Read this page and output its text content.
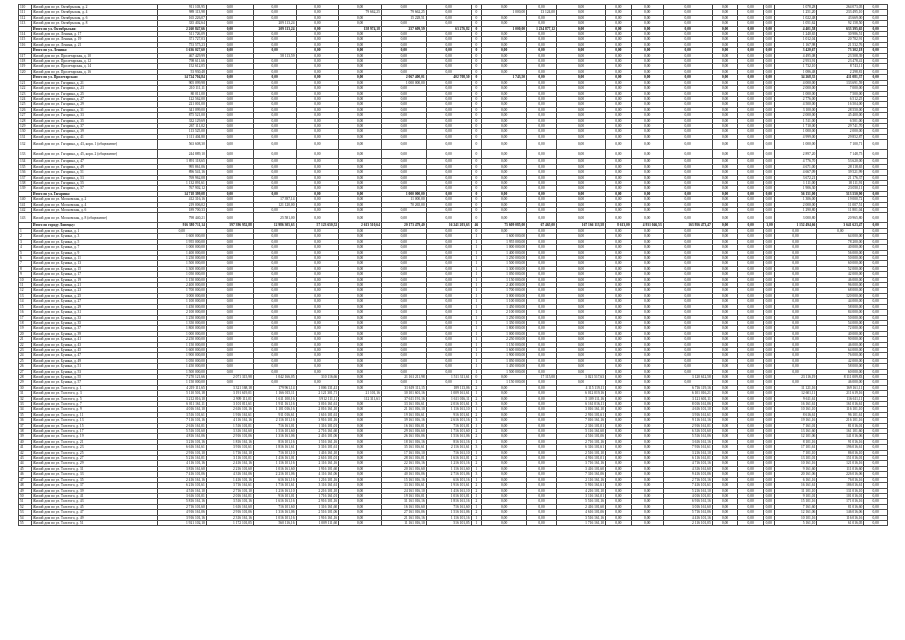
110	Жилой дом по ул. Октябрьская, д. 2	911 103,95	0,00	0,00	0,00	0,00	0,00	0,00	0	0,00	0,00	0,00	0,00	0,00	0,00	0,00	0,00	0,00	1 078,28	264 073,05	0,00
111	Жилой дом по ул. Октябрьская, д. 4	989 113,98	0,00	0,00	0,00	79 662,25	79 662,25	0,00	0	1 000,00	13 124,00	0,00	0,00	0,00	0,00	0,00	0,00	0,00	1 251,20	233 495,10	0,00
112	Жилой дом по ул. Октябрьская, д. 6	165 226,07	0,00	0,00	0,00	0,00	15 228,51	0,00	0	0,00	0,00	0,00	0,00	0,00	0,00	0,00	0,00	0,00	1 022,48	43 669,00	0,00
113	Жилой дом по ул. Октябрьская, д. 8	335 402,64	0,00	209 113,24	0,00	0,00	0,00	0,00	0	0,00	0,00	0,00	0,00	0,00	0,00	0,00	0,00	0,00	1 051,62	92 158,50	0,00
	Итого по ул. Октябрьская:	2 260 847,66	0,00	209 113,24	0,00	158 974,18	257 609,59	63 276,82	0	1 000,00	1 234 877,12	0,00	0,00	0,00	0,00	0,00	0,00	0,00	4 401,58	633 395,65	0,00
114	Жилой дом по ул. Ленина, д. 17	511 726,09	0,00	0,00	0,00	0,00	0,00	0,00	0	0,00	0,00	0,00	0,00	0,00	0,00	0,00	0,00	0,00	1 240,65	30 986,51	0,00
115	Жилой дом по ул. Ленина, д. 19	371 727,03	0,00	0,00	0,00	0,00	0,00	0,00	0	0,00	0,00	0,00	0,00	0,00	0,00	0,00	0,00	0,00	1 012,04	20 782,91	0,00
116	Жилой дом по ул. Ленина, д. 21	753 575,23	0,00	0,00	0,00	0,00	0,00	0,00	0	0,00	0,00	0,00	0,00	0,00	0,00	0,00	0,00	0,00	1 167,98	21 532,76	0,00
	Итого по ул. Ленина:	1 636 027,60	0,00	0,00	0,00	0,00	0,00	0,00	0	0,00	0,00	0,00	0,00	0,00	0,00	0,00	0,00	0,00	3 420,67	73 302,18	0,00
117	Жилой дом по ул. Пролетарская, д. 10	467 429,99	0,00	58 113,59	0,00	0,00	0,00	0,00	0	0,00	0,00	0,00	0,00	0,00	0,00	0,00	0,00	0,00	4 495,08	23 508,39	0,00
118	Жилой дом по ул. Пролетарская, д. 12	798 611,66	0,00	0,00	0,00	0,00	0,00	0,00	0	0,00	0,00	0,00	0,00	0,00	0,00	0,00	0,00	0,00	2 953,91	23 478,41	0,00
119	Жилой дом по ул. Пролетарская, д. 14	152 612,05	0,00	0,00	0,00	0,00	0,00	0,00	0	0,00	0,00	0,00	0,00	0,00	0,00	0,00	0,00	0,00	1 732,10	8 743,11	0,00
120	Жилой дом по ул. Пролетарская, д. 16	53 930,48	0,00	0,00	0,00	0,00	0,00	0,00	0	0,00	0,00	0,00	0,00	0,00	0,00	0,00	0,00	0,00	1 086,48	2 298,81	0,00
	Итого по ул. Пролетарская:	14 724 704,84	0,00	0,00	0,00	0,00	2 067 400,01	402 708,50	0	1 743,50	0,00	0,00	0,00	0,00	0,00	0,00	0,00	0,00	34 268,35	411 081,37	0,00
121	Жилой дом по ул. Гагарина, д. 21	905 099,98	0,00	0,00	0,00	0,00	1 000 000,00	0,00	0	0,00	0,00	0,00	0,00	0,00	0,00	0,00	0,00	0,00	4 000,00	133 691,59	0,00
122	Жилой дом по ул. Гагарина, д. 23	210 111,11	0,00	0,00	0,00	0,00	0,00	0,00	0	0,00	0,00	0,00	0,00	0,00	0,00	0,00	0,00	0,00	2 000,00	7 000,00	0,00
123	Жилой дом по ул. Гагарина, д. 25	80 011,00	0,00	0,00	0,00	0,00	0,00	0,00	0	0,00	0,00	0,00	0,00	0,00	0,00	0,00	0,00	0,00	1 000,00	7 500,00	0,00
124	Жилой дом по ул. Гагарина, д. 27	122 562,00	0,00	0,00	0,00	0,00	0,00	0,00	0	0,00	0,00	0,00	0,00	0,00	0,00	0,00	0,00	0,00	2 776,00	6 512,25	0,00
125	Жилой дом по ул. Гагарина, д. 29	221 001,00	0,00	0,00	0,00	0,00	0,00	0,00	0	0,00	0,00	0,00	0,00	0,00	0,00	0,00	0,00	0,00	4 500,00	16 504,00	0,00
126	Жилой дом по ул. Гагарина, д. 31	341 099,00	0,00	0,00	0,00	0,00	0,00	0,00	0	0,00	0,00	0,00	0,00	0,00	0,00	0,00	0,00	0,00	3 100,00	28 550,00	0,00
127	Жилой дом по ул. Гагарина, д. 33	875 521,00	0,00	0,00	0,00	0,00	0,00	0,00	0	0,00	0,00	0,00	0,00	0,00	0,00	0,00	0,00	0,00	2 000,00	45 400,00	0,00
128	Жилой дом по ул. Гагарина, д. 35	332 129,69	0,00	0,00	0,00	0,00	0,00	0,00	0	0,00	0,00	0,00	0,00	0,00	0,00	0,00	0,00	0,00	1 511,00	6 501,00	0,00
129	Жилой дом по ул. Гагарина, д. 37	267 111,02	0,00	0,00	0,00	0,00	0,00	0,00	0	0,00	0,00	0,00	0,00	0,00	0,00	0,00	0,00	0,00	1 710,00	29 741,70	0,00
130	Жилой дом по ул. Гагарина, д. 39	113 525,00	0,00	0,00	0,00	0,00	0,00	0,00	0	0,00	0,00	0,00	0,00	0,00	0,00	0,00	0,00	0,00	1 000,00	2 000,00	0,00
131	Жилой дом по ул. Гагарина, д. 41	1 111 404,80	0,00	0,00	0,00	0,00	0,00	0,00	0	0,00	0,00	0,00	0,00	0,00	0,00	0,00	0,00	0,00	4 999,00	29 852,87	0,00
132	Жилой дом по ул. Гагарина, д. 43, корп. 1 (общежитие)	563 608,30	0,00	0,00	0,00	0,00	0,00	0,00	0	0,00	0,00	0,00	0,00	0,00	0,00	0,00	0,00	0,00	1 000,00	7 100,71	0,00
133	Жилой дом по ул. Гагарина, д. 45, корп. 2 (общежитие)	244 889,10	0,00	0,00	0,00	0,00	0,00	0,00	0	0,00	0,00	0,00	0,00	0,00	0,00	0,00	0,00	0,00	2 897,20	7 148,75	0,00
134	Жилой дом по ул. Гагарина, д. 47	1 891 118,65	0,00	0,00	0,00	0,00	0,00	0,00	0	0,00	0,00	0,00	0,00	0,00	0,00	0,00	0,00	0,00	4 776,70	53 620,00	0,00
135	Жилой дом по ул. Гагарина, д. 49	995 861,06	0,00	0,00	0,00	0,00	0,00	0,00	0	0,00	0,00	0,00	0,00	0,00	0,00	0,00	0,00	0,00	4 671,00	28 118,65	0,00
136	Жилой дом по ул. Гагарина, д. 51	896 541,16	0,00	0,00	0,00	0,00	0,00	0,00	0	0,00	0,00	0,00	0,00	0,00	0,00	0,00	0,00	0,00	4 667,09	39 521,99	0,00
137	Жилой дом по ул. Гагарина, д. 53	769 962,08	0,00	0,00	0,00	0,00	0,00	0,00	0	0,00	0,00	0,00	0,00	0,00	0,00	0,00	0,00	0,00	3 672,21	21 176,37	0,00
138	Жилой дом по ул. Гагарина, д. 55	1 132 091,61	0,00	0,00	0,00	0,00	0,00	0,00	0	0,00	0,00	0,00	0,00	0,00	0,00	0,00	0,00	0,00	1 111,00	18 111,91	0,00
139	Жилой дом по ул. Гагарина, д. 57	767 902,12	0,00	0,00	0,00	0,00	0,00	0,00	0	0,00	0,00	0,00	0,00	0,00	0,00	0,00	0,00	0,00	1 906,30	23 050,11	0,00
	Итого по ул. Гагарина:	14 718 399,08	0,00	0,00	0,00	0,00	1 000 000,00	0,00	0	0,00	0,00	0,00	0,00	0,00	0,00	0,00	0,00	0,00	56 151,00	513 550,90	0,00
140	Жилой дом по ул. Московская, д. 2	412 316,16	0,00	17 397,14	0,00	0,00	11 000,00	0,00	0	0,00	0,00	0,00	0,00	0,00	0,00	0,00	0,00	0,00	1 306,00	19 000,72	0,00
141	Жилой дом по ул. Московская, д. 4	219 006,02	0,00	121 120,00	0,00	0,00	70 265,00	0,00	0	0,00	0,00	0,00	0,00	0,00	0,00	0,00	0,00	0,00	2 000,00	11 007,51	0,00
142	Жилой дом по ул. Московская, д. 6	189 700,33	0,00	0,00	0,00	0,00	0,00	0,00	0	0,00	0,00	0,00	0,00	0,00	0,00	0,00	0,00	0,00	1 290,80	11 801,04	0,00
143	Жилой дом по ул. Московская, д. 8 (общежитие)	798 440,21	0,00	25 581,00	0,00	0,00	0,00	0,00	0	0,00	0,00	0,00	0,00	0,00	0,00	0,00	0,00	0,00	3 000,80	20 965,80	0,00
	Итого по городу Липецку:	916 380 711,14	597 396 952,88	12 986 305,63	57 123 650,52	2 613 510,64	20 173 479,40	16 241 203,63	46	75 609 085,00	67 465,00	167 166 113,58	8 613,00	4 931 046,53	163 956 473,47	0,00	0,00	3,00	1 152 494,66	3 641 623,47	0,00
1	Жилой дом по ул. Бунина, д. 1	0,00	0,00	0,00	0,00	0,00	0,00	0,00	0	0,00	0,00	0,00	0,00	0,00	0,00	0,00	0,00	0,00	0,00	0,00	0,00
2	Жилой дом по ул. Бунина, д. 3	1 600 000,00	0,00	0,00	0,00	0,00	0,00	0,00	1	1 600 000,00	0,00	0,00	0,00	0,00	0,00	0,00	0,00	0,00	0,00	64 000,00	0,00
3	Жилой дом по ул. Бунина, д. 5	1 955 000,00	0,00	0,00	0,00	0,00	0,00	0,00	1	1 955 000,00	0,00	0,00	0,00	0,00	0,00	0,00	0,00	0,00	0,00	78 200,00	0,00
4	Жилой дом по ул. Бунина, д. 7	1 000 000,00	0,00	0,00	0,00	0,00	0,00	0,00	1	1 000 000,00	0,00	0,00	0,00	0,00	0,00	0,00	0,00	0,00	0,00	40 000,00	0,00
5	Жилой дом по ул. Бунина, д. 9	1 400 000,00	0,00	0,00	0,00	0,00	0,00	0,00	1	1 400 000,00	0,00	0,00	0,00	0,00	0,00	0,00	0,00	0,00	0,00	56 000,00	0,00
6	Жилой дом по ул. Бунина, д. 11	1 250 000,00	0,00	0,00	0,00	0,00	0,00	0,00	1	1 250 000,00	0,00	0,00	0,00	0,00	0,00	0,00	0,00	0,00	0,00	50 000,00	0,00
7	Жилой дом по ул. Бунина, д. 13	1 500 000,00	0,00	0,00	0,00	0,00	0,00	0,00	1	1 500 000,00	0,00	0,00	0,00	0,00	0,00	0,00	0,00	0,00	0,00	60 000,00	0,00
8	Жилой дом по ул. Бунина, д. 15	1 300 000,00	0,00	0,00	0,00	0,00	0,00	0,00	1	1 300 000,00	0,00	0,00	0,00	0,00	0,00	0,00	0,00	0,00	0,00	52 000,00	0,00
9	Жилой дом по ул. Бунина, д. 17	1 050 000,00	0,00	0,00	0,00	0,00	0,00	0,00	1	1 050 000,00	0,00	0,00	0,00	0,00	0,00	0,00	0,00	0,00	0,00	42 000,00	0,00
10	Жилой дом по ул. Бунина, д. 19	1 150 000,00	0,00	0,00	0,00	0,00	0,00	0,00	1	1 150 000,00	0,00	0,00	0,00	0,00	0,00	0,00	0,00	0,00	0,00	46 000,00	0,00
11	Жилой дом по ул. Бунина, д. 21	2 400 000,00	0,00	0,00	0,00	0,00	0,00	0,00	1	2 400 000,00	0,00	0,00	0,00	0,00	0,00	0,00	0,00	0,00	0,00	96 000,00	0,00
12	Жилой дом по ул. Бунина, д. 23	1 700 000,00	0,00	0,00	0,00	0,00	0,00	0,00	1	1 700 000,00	0,00	0,00	0,00	0,00	0,00	0,00	0,00	0,00	0,00	68 000,00	0,00
13	Жилой дом по ул. Бунина, д. 25	3 000 000,00	0,00	0,00	0,00	0,00	0,00	0,00	1	3 000 000,00	0,00	0,00	0,00	0,00	0,00	0,00	0,00	0,00	0,00	120 000,00	0,00
14	Жилой дом по ул. Бунина, д. 27	1 100 000,00	0,00	0,00	0,00	0,00	0,00	0,00	1	1 100 000,00	0,00	0,00	0,00	0,00	0,00	0,00	0,00	0,00	0,00	44 000,00	0,00
15	Жилой дом по ул. Бунина, д. 29	1 450 000,00	0,00	0,00	0,00	0,00	0,00	0,00	1	1 450 000,00	0,00	0,00	0,00	0,00	0,00	0,00	0,00	0,00	0,00	58 000,00	0,00
16	Жилой дом по ул. Бунина, д. 31	2 100 000,00	0,00	0,00	0,00	0,00	0,00	0,00	1	2 100 000,00	0,00	0,00	0,00	0,00	0,00	0,00	0,00	0,00	0,00	84 000,00	0,00
17	Жилой дом по ул. Бунина, д. 33	1 250 000,00	0,00	0,00	0,00	0,00	0,00	0,00	1	1 250 000,00	0,00	0,00	0,00	0,00	0,00	0,00	0,00	0,00	0,00	50 000,00	0,00
18	Жилой дом по ул. Бунина, д. 35	1 350 000,00	0,00	0,00	0,00	0,00	0,00	0,00	1	1 350 000,00	0,00	0,00	0,00	0,00	0,00	0,00	0,00	0,00	0,00	54 000,00	0,00
19	Жилой дом по ул. Бунина, д. 37	1 800 000,00	0,00	0,00	0,00	0,00	0,00	0,00	1	1 800 000,00	0,00	0,00	0,00	0,00	0,00	0,00	0,00	0,00	0,00	72 000,00	0,00
20	Жилой дом по ул. Бунина, д. 39	1 000 000,00	0,00	0,00	0,00	0,00	0,00	0,00	1	1 000 000,00	0,00	0,00	0,00	0,00	0,00	0,00	0,00	0,00	0,00	40 000,00	0,00
21	Жилой дом по ул. Бунина, д. 41	2 250 000,00	0,00	0,00	0,00	0,00	0,00	0,00	1	2 250 000,00	0,00	0,00	0,00	0,00	0,00	0,00	0,00	0,00	0,00	90 000,00	0,00
22	Жилой дом по ул. Бунина, д. 43	1 150 000,00	0,00	0,00	0,00	0,00	0,00	0,00	1	1 150 000,00	0,00	0,00	0,00	0,00	0,00	0,00	0,00	0,00	0,00	46 000,00	0,00
23	Жилой дом по ул. Бунина, д. 45	1 600 000,00	0,00	0,00	0,00	0,00	0,00	0,00	1	1 600 000,00	0,00	0,00	0,00	0,00	0,00	0,00	0,00	0,00	0,00	64 000,00	0,00
24	Жилой дом по ул. Бунина, д. 47	1 900 000,00	0,00	0,00	0,00	0,00	0,00	0,00	1	1 900 000,00	0,00	0,00	0,00	0,00	0,00	0,00	0,00	0,00	0,00	76 000,00	0,00
25	Жилой дом по ул. Бунина, д. 49	1 050 000,00	0,00	0,00	0,00	0,00	0,00	0,00	1	1 050 000,00	0,00	0,00	0,00	0,00	0,00	0,00	0,00	0,00	0,00	42 000,00	0,00
26	Жилой дом по ул. Бунина, д. 51	1 450 000,00	0,00	0,00	0,00	0,00	0,00	0,00	1	1 450 000,00	0,00	0,00	0,00	0,00	0,00	0,00	0,00	0,00	0,00	58 000,00	0,00
27	Жилой дом по ул. Бунина, д. 53	1 500 000,00	0,00	0,00	0,00	0,00	0,00	0,00	1	1 500 000,00	0,00	0,00	0,00	0,00	0,00	0,00	0,00	0,00	0,00	60 000,00	0,00
28	Жилой дом по ул. Бунина, д. 55	7 270 121,66	2 071 315,98	1 042 166,05	310 116,66	0,00	21 161 211,98	1 511 311,61	0	0,00	17 115,00	3 021 517,63	0,00	0,00	3 120 612,58	0,00	0,00	0,00	23 116,19	8 111 009,83	0,00
29	Жилой дом по ул. Бунина, д. 57	1 150 000,00	0,00	0,00	0,00	0,00	0,00	0,00	1	1 150 000,00	0,00	0,00	0,00	0,00	0,00	0,00	0,00	0,00	0,00	46 000,00	0,00
30	Жилой дом по ул. Толстого, д. 1	4 219 111,65	3 321 168,18	179 961,14	1 006 131,41	0,00	31 619 111,15	189 113,06	2	0,00	0,00	4 115 119,11	0,00	0,00	6 716 119,16	0,00	0,00	0,00	11 121,16	169 161,11	0,00
31	Жилой дом по ул. Толстого, д. 3	5 110 501,18	3 191 619,01	1 166 015,11	2 121 301,71	21 101,16	30 101 601,16	1 009 161,61	1	0,00	0,00	6 012 019,16	0,00	0,00	6 101 016,21	0,00	0,00	0,00	12 601,11	211 619,16	0,00
32	Жилой дом по ул. Толстого, д. 5	3 212 016,10	2 909 111,01	1 611 100,16	3 912 111,11	112 311,61	37 611 191,16	1 611 016,11	2	0,00	0,00	5 109 111,16	0,00	0,00	3 121 601,11	0,00	0,00	0,00	9 611,61	116 611,11	0,00
33	Жилой дом по ул. Толстого, д. 7	6 011 161,11	3 101 011,61	1 911 161,16	3 016 161,61	0,00	33 161 016,61	2 016 101,61	3	0,00	0,00	6 161 016,11	0,00	0,00	8 016 161,06	0,00	0,00	0,00	16 161,61	161 016,61	0,00
34	Жилой дом по ул. Толстого, д. 9	4 016 161,10	2 616 101,16	1 101 016,16	2 016 161,10	0,00	21 161 016,10	1 116 161,10	1	0,00	0,00	3 016 161,10	0,00	0,00	4 616 101,10	0,00	0,00	0,00	10 161,10	116 101,10	0,00
35	Жилой дом по ул. Толстого, д. 11	3 516 101,61	1 916 161,61	911 016,61	1 616 101,61	0,00	19 161 016,61	916 101,61	2	0,00	0,00	2 916 101,61	0,00	0,00	3 916 161,61	0,00	0,00	0,00	8 616,61	96 101,61	0,00
36	Жилой дом по ул. Толстого, д. 13	7 116 101,16	4 116 161,16	2 116 101,16	3 916 101,16	0,00	39 161 016,16	2 616 101,16	3	0,00	0,00	7 016 161,16	0,00	0,00	9 116 161,16	0,00	0,00	0,00	19 161,16	216 101,16	0,00
37	Жилой дом по ул. Толстого, д. 15	2 616 161,01	1 516 101,01	716 161,01	1 316 101,01	0,00	16 161 016,01	716 101,01	1	0,00	0,00	2 316 101,01	0,00	0,00	2 916 161,01	0,00	0,00	0,00	7 161,01	81 016,01	0,00
38	Жилой дом по ул. Толстого, д. 17	5 516 101,60	3 316 161,60	1 516 101,60	2 716 161,60	0,00	29 161 016,60	1 716 101,60	2	0,00	0,00	5 116 161,60	0,00	0,00	6 316 101,60	0,00	0,00	0,00	13 161,60	161 101,60	0,00
39	Жилой дом по ул. Толстого, д. 19	4 816 161,06	2 916 101,06	1 316 161,06	2 416 101,06	0,00	26 161 016,06	1 516 161,06	2	0,00	0,00	4 516 101,06	0,00	0,00	5 516 161,06	0,00	0,00	0,00	12 101,06	141 016,06	0,00
40	Жилой дом по ул. Толстого, д. 21	3 216 101,16	1 816 161,16	816 101,16	1 516 161,16	0,00	18 161 016,16	816 161,16	1	0,00	0,00	2 716 101,16	0,00	0,00	3 616 161,16	0,00	0,00	0,00	8 101,16	91 016,16	0,00
41	Жилой дом по ул. Толстого, д. 23	6 616 161,61	3 916 101,61	1 816 161,61	3 316 101,61	0,00	35 161 016,61	2 116 161,61	3	0,00	0,00	6 316 101,61	0,00	0,00	7 916 161,61	0,00	0,00	0,00	17 101,61	196 016,61	0,00
42	Жилой дом по ул. Толстого, д. 25	2 916 101,10	1 716 161,10	716 101,10	1 416 161,10	0,00	17 161 016,10	716 161,10	1	0,00	0,00	2 516 101,10	0,00	0,00	3 216 161,10	0,00	0,00	0,00	7 101,10	86 016,10	0,00
43	Жилой дом по ул. Толстого, д. 27	5 216 161,01	3 116 101,01	1 416 161,01	2 616 101,01	0,00	28 161 016,01	1 616 161,01	2	0,00	0,00	4 916 101,01	0,00	0,00	6 116 161,01	0,00	0,00	0,00	13 101,01	151 016,01	0,00
44	Жилой дом по ул. Толстого, д. 29	4 116 101,16	2 416 161,16	1 116 101,16	2 116 161,16	0,00	22 161 016,16	1 216 101,16	2	0,00	0,00	3 716 161,16	0,00	0,00	4 716 101,16	0,00	0,00	0,00	10 161,16	121 016,16	0,00
45	Жилой дом по ул. Толстого, д. 31	3 816 161,60	2 216 101,60	1 016 161,60	1 916 101,60	0,00	20 161 016,60	1 116 161,60	1	0,00	0,00	3 416 101,60	0,00	0,00	4 316 161,60	0,00	0,00	0,00	9 161,60	111 016,60	0,00
46	Жилой дом по ул. Толстого, д. 33	7 416 101,06	4 316 161,06	2 216 101,06	4 116 161,06	0,00	40 161 016,06	2 716 101,06	3	0,00	0,00	7 316 161,06	0,00	0,00	9 416 101,06	0,00	0,00	0,00	20 161,06	226 016,06	0,00
47	Жилой дом по ул. Толстого, д. 35	2 416 161,16	1 416 101,16	616 161,16	1 216 101,16	0,00	15 161 016,16	616 101,16	1	0,00	0,00	2 116 161,16	0,00	0,00	2 716 101,16	0,00	0,00	0,00	6 161,16	76 016,16	0,00
48	Жилой дом по ул. Толстого, д. 37	6 216 101,61	3 716 161,61	1 716 101,61	3 116 161,61	0,00	33 161 016,61	1 916 101,61	2	0,00	0,00	5 916 161,61	0,00	0,00	7 416 101,61	0,00	0,00	0,00	16 161,61	186 016,61	0,00
49	Жилой дом по ул. Толстого, д. 39	4 516 161,10	2 716 101,10	1 216 161,10	2 216 101,10	0,00	24 161 016,10	1 416 161,10	2	0,00	0,00	4 216 101,10	0,00	0,00	5 216 161,10	0,00	0,00	0,00	11 101,10	131 016,10	0,00
50	Жилой дом по ул. Толстого, д. 41	3 616 101,01	2 016 161,01	916 101,01	1 716 161,01	0,00	19 161 016,01	1 016 101,01	1	0,00	0,00	3 116 161,01	0,00	0,00	4 016 101,01	0,00	0,00	0,00	9 101,01	101 016,01	0,00
51	Жилой дом по ул. Толстого, д. 43	5 816 161,16	3 516 101,16	1 616 161,16	2 916 101,16	0,00	31 161 016,16	1 816 161,16	2	0,00	0,00	5 516 101,16	0,00	0,00	6 916 161,16	0,00	0,00	0,00	15 101,16	171 016,16	0,00
52	Жилой дом по ул. Толстого, д. 45	2 716 101,60	1 616 161,60	716 101,60	1 316 161,60	0,00	16 161 016,60	716 161,60	1	0,00	0,00	2 416 101,60	0,00	0,00	3 016 161,60	0,00	0,00	0,00	7 161,60	81 016,60	0,00
53	Жилой дом по ул. Толстого, д. 47	4 916 161,06	2 916 101,06	1 316 161,06	2 516 101,06	0,00	27 161 016,06	1 516 161,06	2	0,00	0,00	4 616 101,06	0,00	0,00	5 716 161,06	0,00	0,00	0,00	12 161,06	146 016,06	0,00
54	Жилой дом по ул. Толстого, д. 49	3 916 101,16	2 316 161,16	1 016 101,16	1 916 161,16	0,00	21 161 016,16	1 116 101,16	1	0,00	0,00	3 516 161,16	0,00	0,00	4 416 101,16	0,00	0,00	0,00	10 101,16	116 016,16	0,00
55	Жилой дом по ул. Толстого, д. 51	1 921 102,10	1 172 101,05	560 116,16	1 009 111,60	0,00	11 161 016,10	516 101,05	1	0,00	0,00	1 716 161,10	0,00	0,00	2 116 101,05	0,00	0,00	0,00	5 161,10	61 016,05	0,00
